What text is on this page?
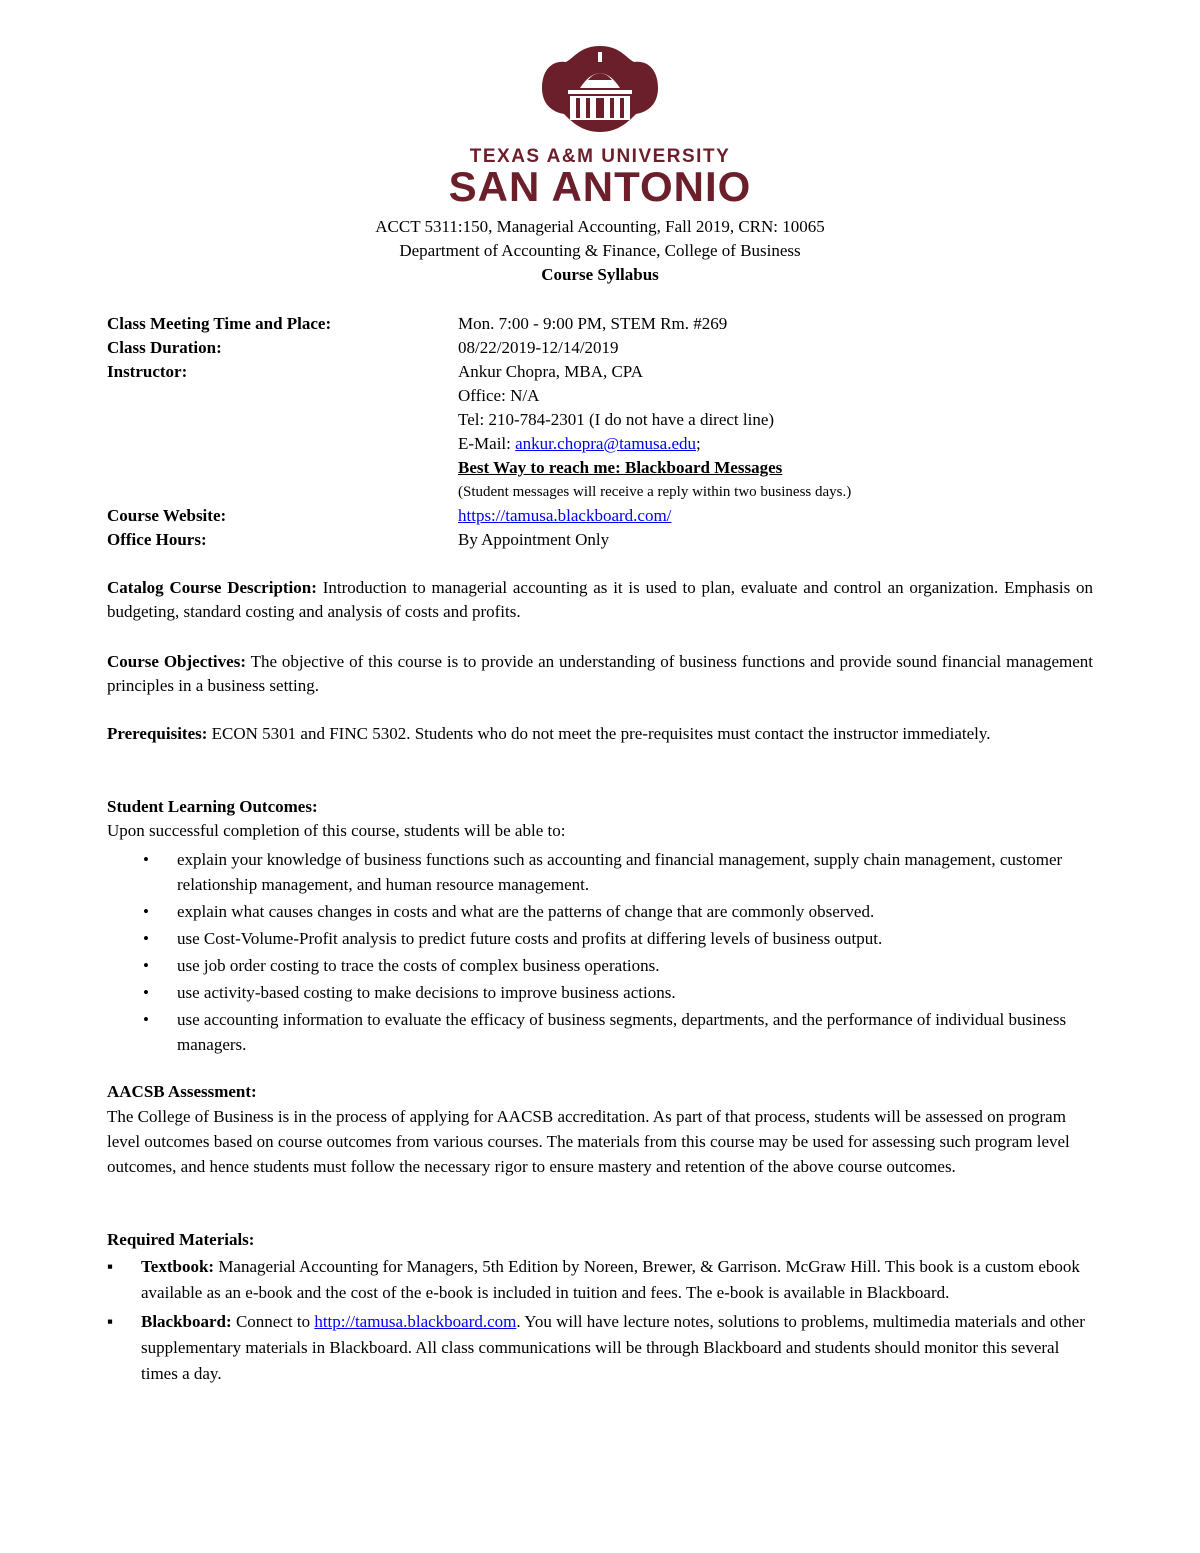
TEXAS A&M UNIVERSITY
SAN ANTONIO
ACCT 5311:150, Managerial Accounting, Fall 2019, CRN: 10065
Department of Accounting & Finance, College of Business
Course Syllabus
Class Meeting Time and Place:	Mon. 7:00 - 9:00 PM, STEM Rm. #269
Class Duration:	08/22/2019-12/14/2019
Instructor:	Ankur Chopra, MBA, CPA
Office: N/A
Tel: 210-784-2301 (I do not have a direct line)
E-Mail: ankur.chopra@tamusa.edu;
Best Way to reach me: Blackboard Messages
(Student messages will receive a reply within two business days.)
Course Website:	https://tamusa.blackboard.com/
Office Hours:	By Appointment Only
Catalog Course Description: Introduction to managerial accounting as it is used to plan, evaluate and control an organization. Emphasis on budgeting, standard costing and analysis of costs and profits.
Course Objectives: The objective of this course is to provide an understanding of business functions and provide sound financial management principles in a business setting.
Prerequisites: ECON 5301 and FINC 5302. Students who do not meet the pre-requisites must contact the instructor immediately.
Student Learning Outcomes:
Upon successful completion of this course, students will be able to:
• explain your knowledge of business functions such as accounting and financial management, supply chain management, customer relationship management, and human resource management.
• explain what causes changes in costs and what are the patterns of change that are commonly observed.
• use Cost-Volume-Profit analysis to predict future costs and profits at differing levels of business output.
• use job order costing to trace the costs of complex business operations.
• use activity-based costing to make decisions to improve business actions.
• use accounting information to evaluate the efficacy of business segments, departments, and the performance of individual business managers.
AACSB Assessment:
The College of Business is in the process of applying for AACSB accreditation. As part of that process, students will be assessed on program level outcomes based on course outcomes from various courses. The materials from this course may be used for assessing such program level outcomes, and hence students must follow the necessary rigor to ensure mastery and retention of the above course outcomes.
Required Materials:
▪ Textbook: Managerial Accounting for Managers, 5th Edition by Noreen, Brewer, & Garrison. McGraw Hill. This book is a custom ebook available as an e-book and the cost of the e-book is included in tuition and fees. The e-book is available in Blackboard.
▪ Blackboard: Connect to http://tamusa.blackboard.com. You will have lecture notes, solutions to problems, multimedia materials and other supplementary materials in Blackboard. All class communications will be through Blackboard and students should monitor this several times a day.
